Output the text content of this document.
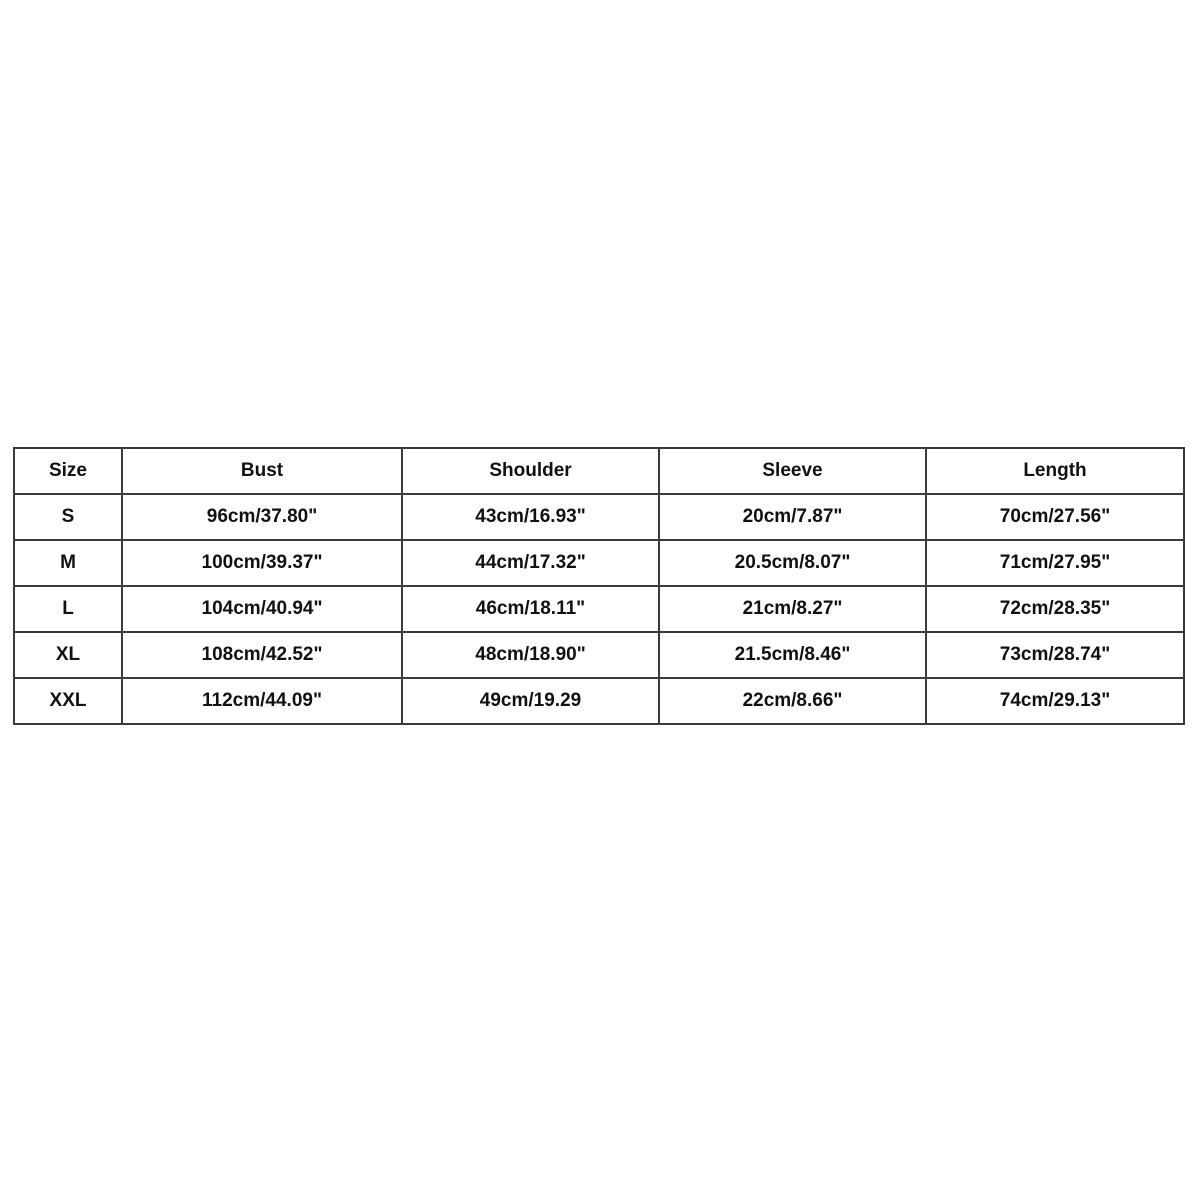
Size	Bust	Shoulder	Sleeve	Length
S	96cm/37.80"	43cm/16.93"	20cm/7.87"	70cm/27.56"
M	100cm/39.37"	44cm/17.32"	20.5cm/8.07"	71cm/27.95"
L	104cm/40.94"	46cm/18.11"	21cm/8.27"	72cm/28.35"
XL	108cm/42.52"	48cm/18.90"	21.5cm/8.46"	73cm/28.74"
XXL	112cm/44.09"	49cm/19.29	22cm/8.66"	74cm/29.13"
